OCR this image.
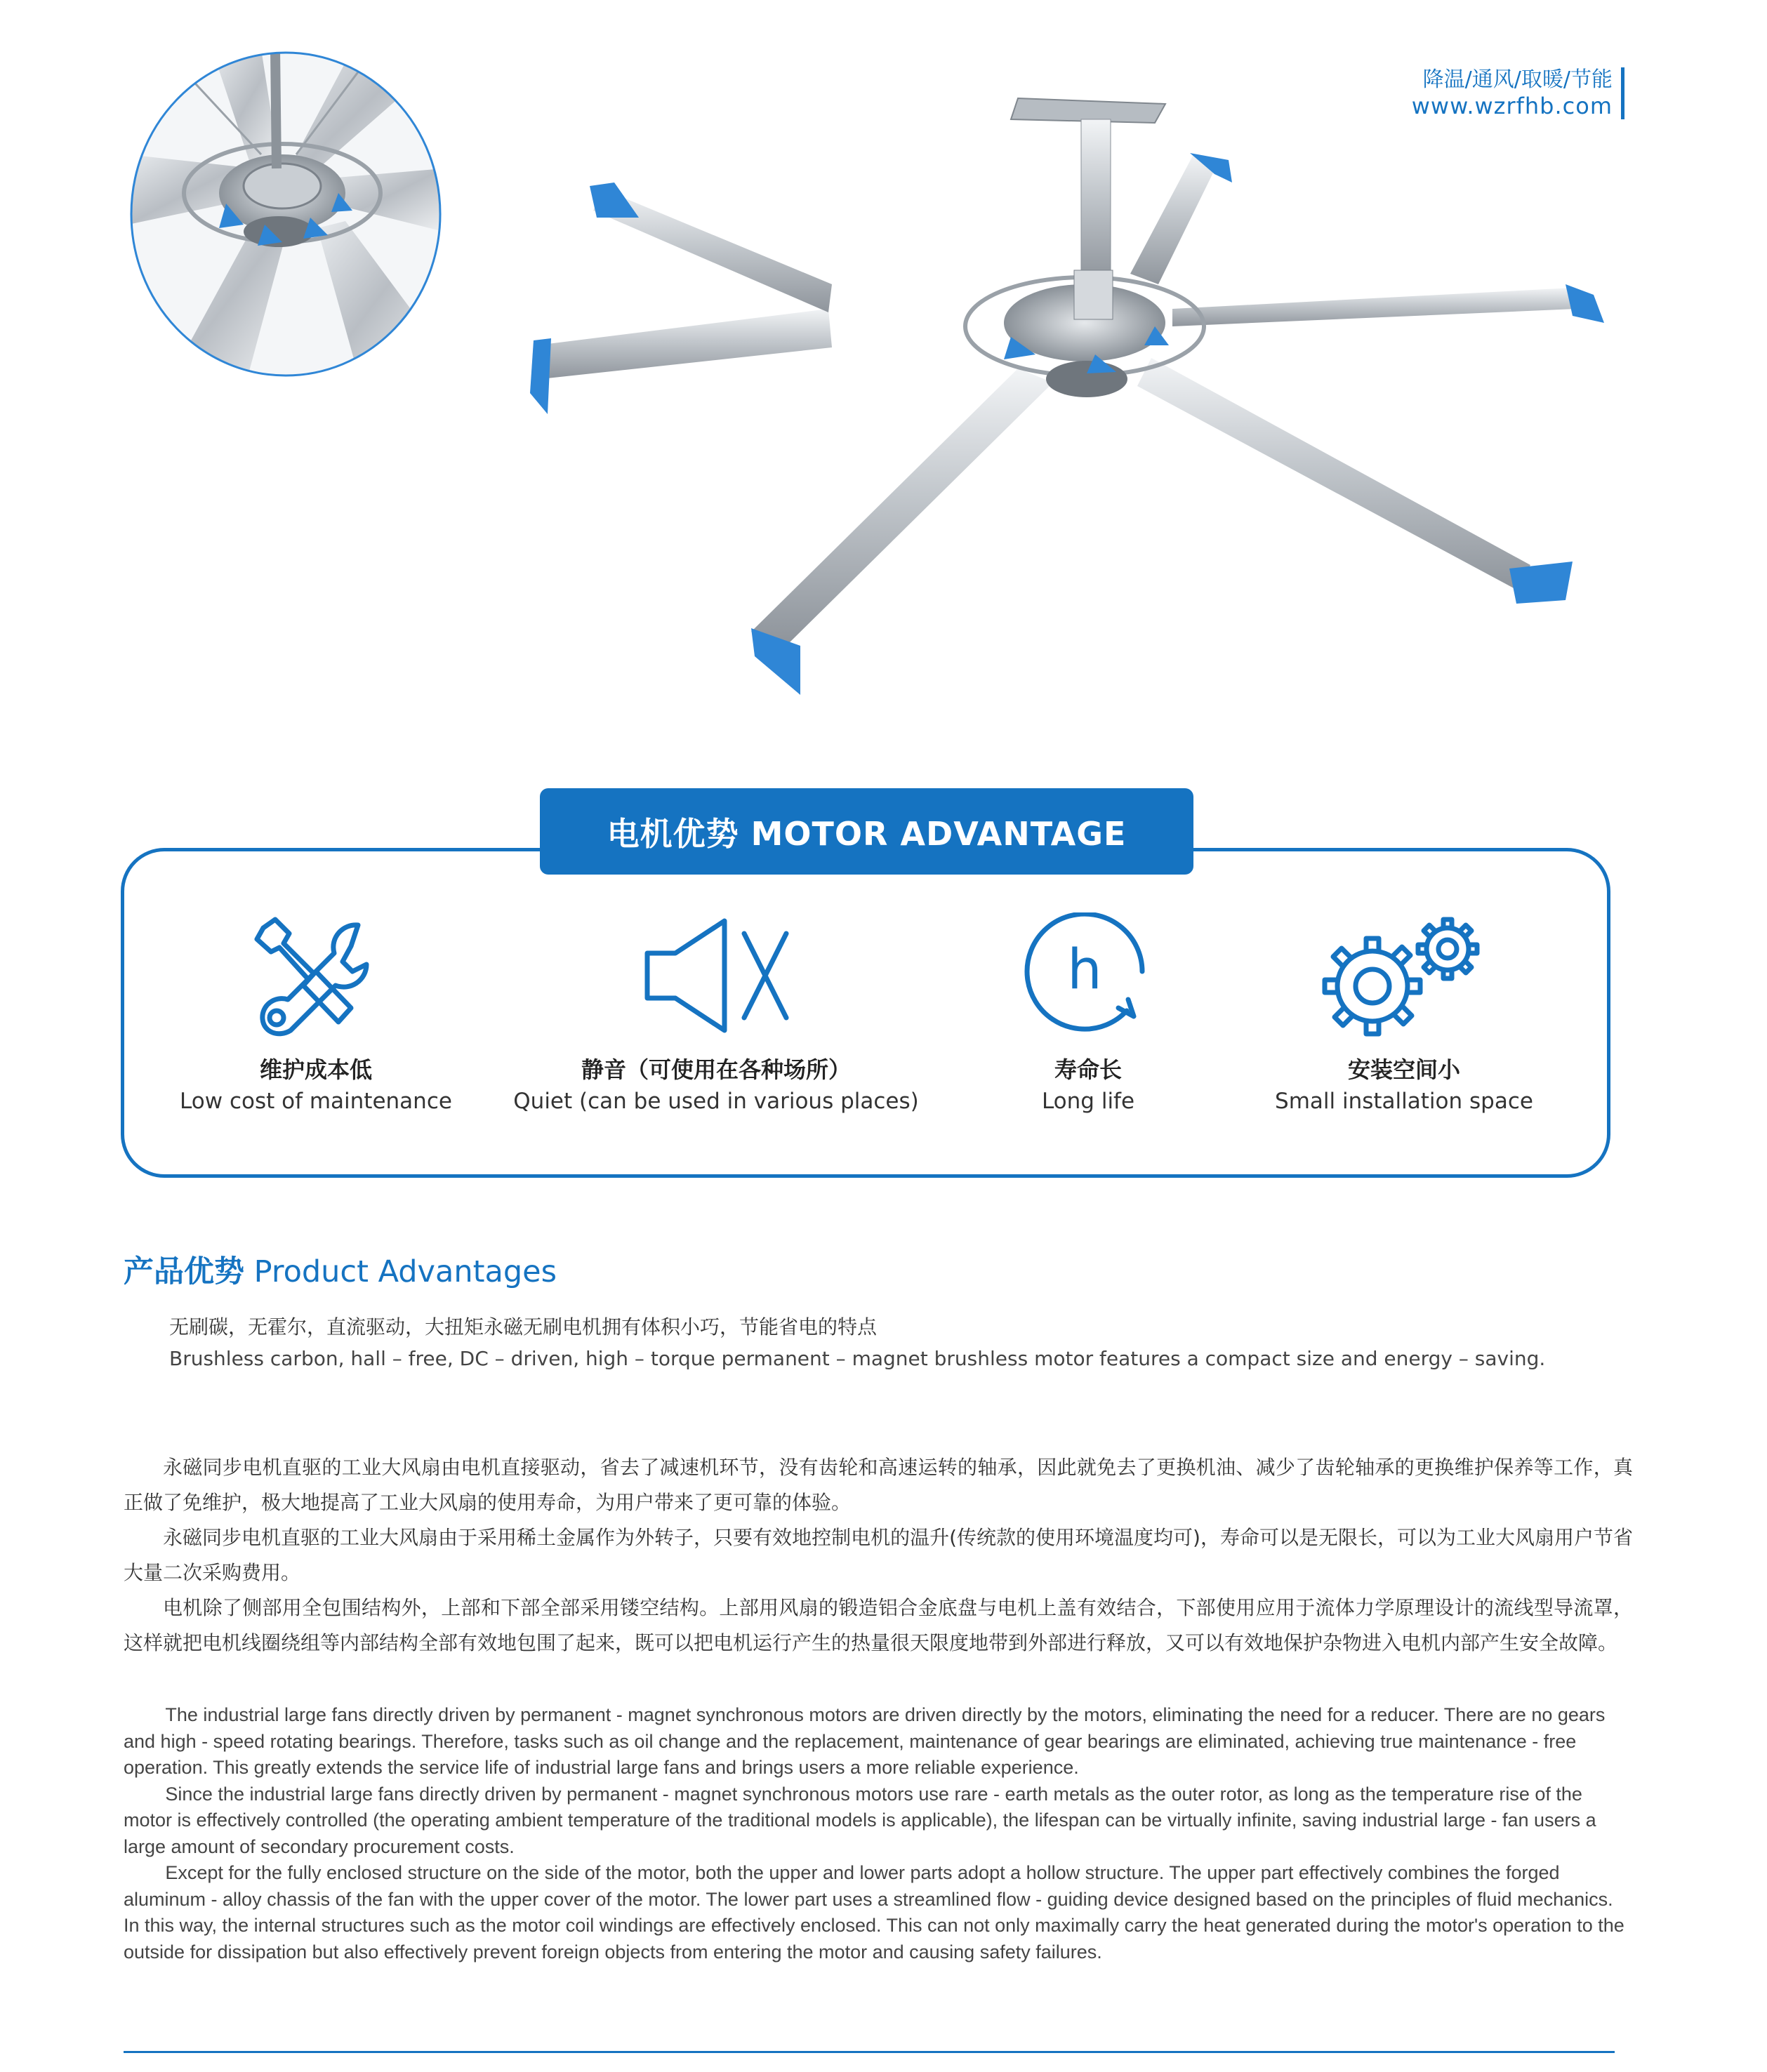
降温/通风/取暖/节能
www.wzrfhb.com
电机优势 MOTOR ADVANTAGE
维护成本低
Low cost of maintenance
静音（可使用在各种场所）
Quiet (can be used in various places)
h
寿命长
Long life
安装空间小
Small installation space
产品优势 Product Advantages
无刷碳，无霍尔，直流驱动，大扭矩永磁无刷电机拥有体积小巧，节能省电的特点
Brushless carbon, hall – free, DC – driven, high – torque permanent – magnet brushless motor features a compact size and energy – saving.

永磁同步电机直驱的工业大风扇由电机直接驱动，省去了减速机环节，没有齿轮和高速运转的轴承，因此就免去了更换机油、减少了齿轮轴承的更换维护保养等工作，真正做了免维护，极大地提高了工业大风扇的使用寿命，为用户带来了更可靠的体验。

永磁同步电机直驱的工业大风扇由于采用稀土金属作为外转子，只要有效地控制电机的温升(传统款的使用环境温度均可)，寿命可以是无限长，可以为工业大风扇用户节省大量二次采购费用。

电机除了侧部用全包围结构外，上部和下部全部采用镂空结构。上部用风扇的锻造铝合金底盘与电机上盖有效结合，下部使用应用于流体力学原理设计的流线型导流罩，这样就把电机线圈绕组等内部结构全部有效地包围了起来，既可以把电机运行产生的热量很天限度地带到外部进行释放，又可以有效地保护杂物进入电机内部产生安全故障。

The industrial large fans directly driven by permanent - magnet synchronous motors are driven directly by the motors, eliminating the need for a reducer. There are no gears and high - speed rotating bearings. Therefore, tasks such as oil change and the replacement, maintenance of gear bearings are eliminated, achieving true maintenance - free operation. This greatly extends the service life of industrial large fans and brings users a more reliable experience.

Since the industrial large fans directly driven by permanent - magnet synchronous motors use rare - earth metals as the outer rotor, as long as the temperature rise of the motor is effectively controlled (the operating ambient temperature of the traditional models is applicable), the lifespan can be virtually infinite, saving industrial large - fan users a large amount of secondary procurement costs.

Except for the fully enclosed structure on the side of the motor, both the upper and lower parts adopt a hollow structure. The upper part effectively combines the forged aluminum - alloy chassis of the fan with the upper cover of the motor. The lower part uses a streamlined flow - guiding device designed based on the principles of fluid mechanics. In this way, the internal structures such as the motor coil windings are effectively enclosed. This can not only maximally carry the heat generated during the motor's operation to the outside for dissipation but also effectively prevent foreign objects from entering the motor and causing safety failures.
